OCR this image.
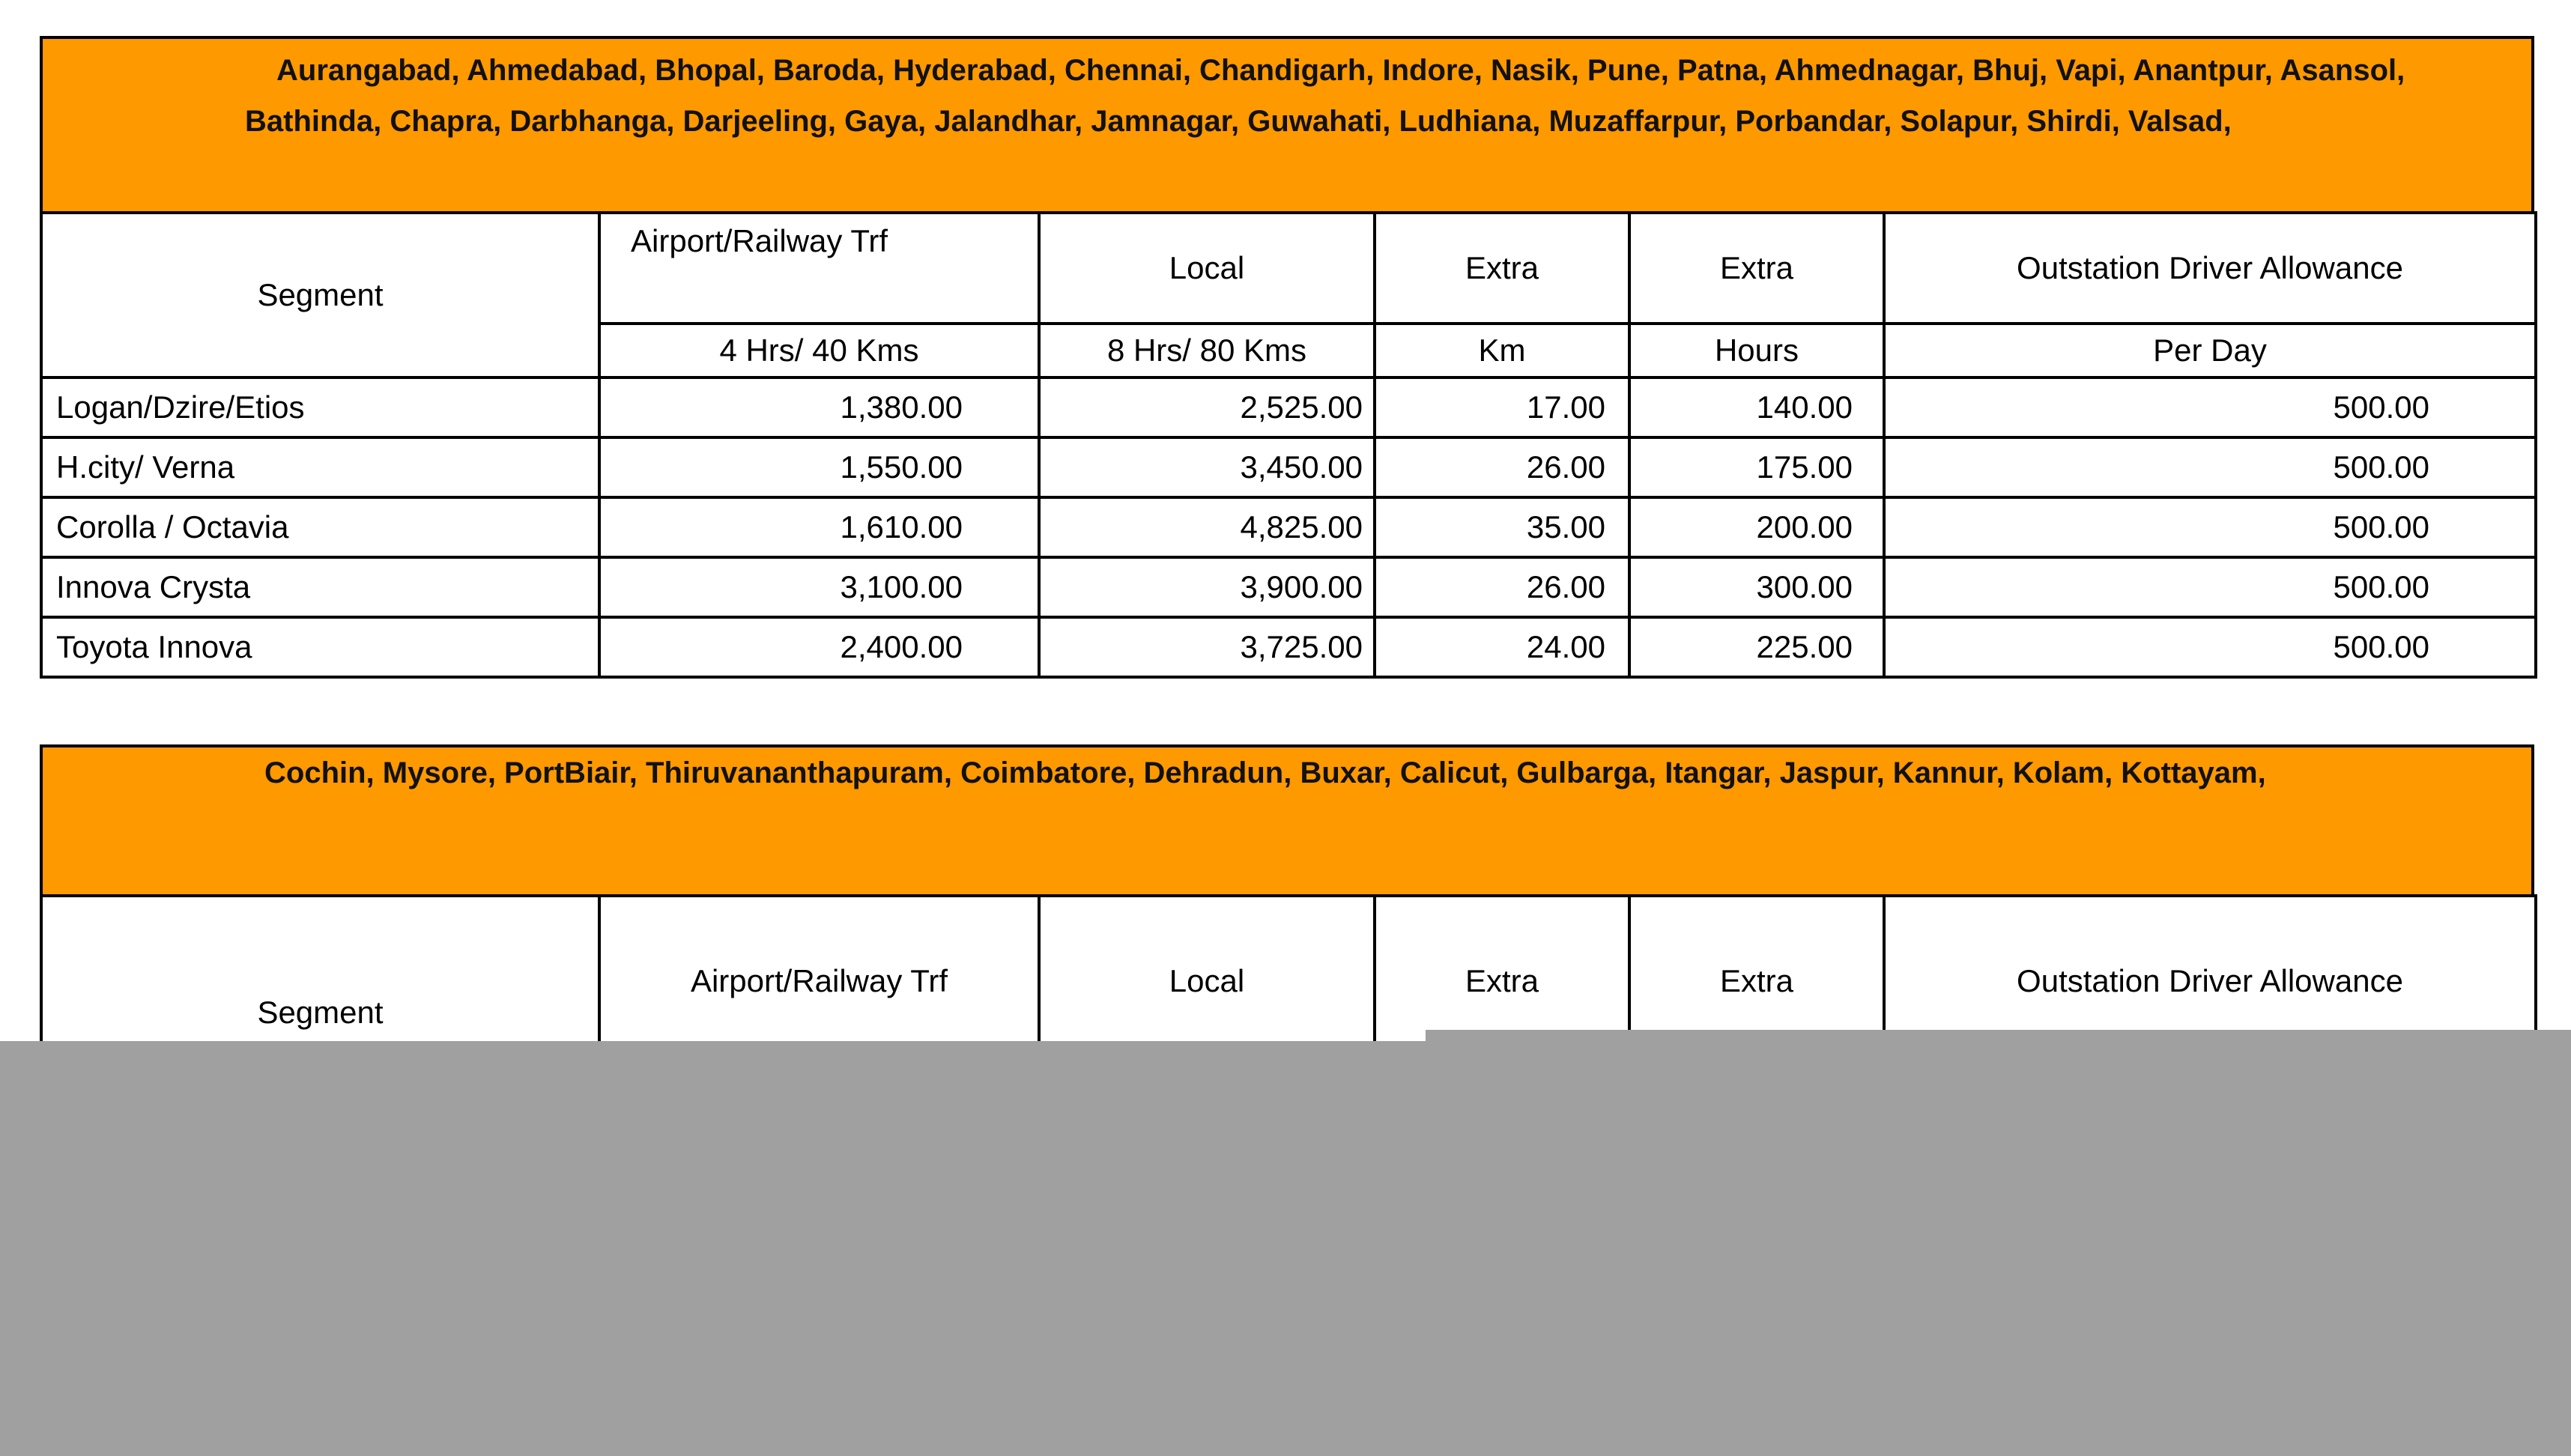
Aurangabad, Ahmedabad, Bhopal, Baroda, Hyderabad, Chennai, Chandigarh, Indore, Nasik, Pune, Patna, Ahmednagar, Bhuj, Vapi, Anantpur, Asansol,
Bathinda, Chapra, Darbhanga, Darjeeling, Gaya, Jalandhar, Jamnagar, Guwahati, Ludhiana, Muzaffarpur, Porbandar, Solapur, Shirdi, Valsad,
Segment	Airport/Railway Trf	Local	Extra	Extra	Outstation Driver Allowance
	4 Hrs/ 40 Kms	8 Hrs/ 80 Kms	Km	Hours	Per Day
Logan/Dzire/Etios	1,380.00	2,525.00	17.00	140.00	500.00
H.city/ Verna	1,550.00	3,450.00	26.00	175.00	500.00
Corolla / Octavia	1,610.00	4,825.00	35.00	200.00	500.00
Innova Crysta	3,100.00	3,900.00	26.00	300.00	500.00
Toyota Innova	2,400.00	3,725.00	24.00	225.00	500.00
Cochin, Mysore, PortBiair, Thiruvananthapuram, Coimbatore, Dehradun, Buxar, Calicut, Gulbarga, Itangar, Jaspur, Kannur, Kolam, Kottayam,
Segment	Airport/Railway Trf	Local	Extra	Extra	Outstation Driver Allowance
